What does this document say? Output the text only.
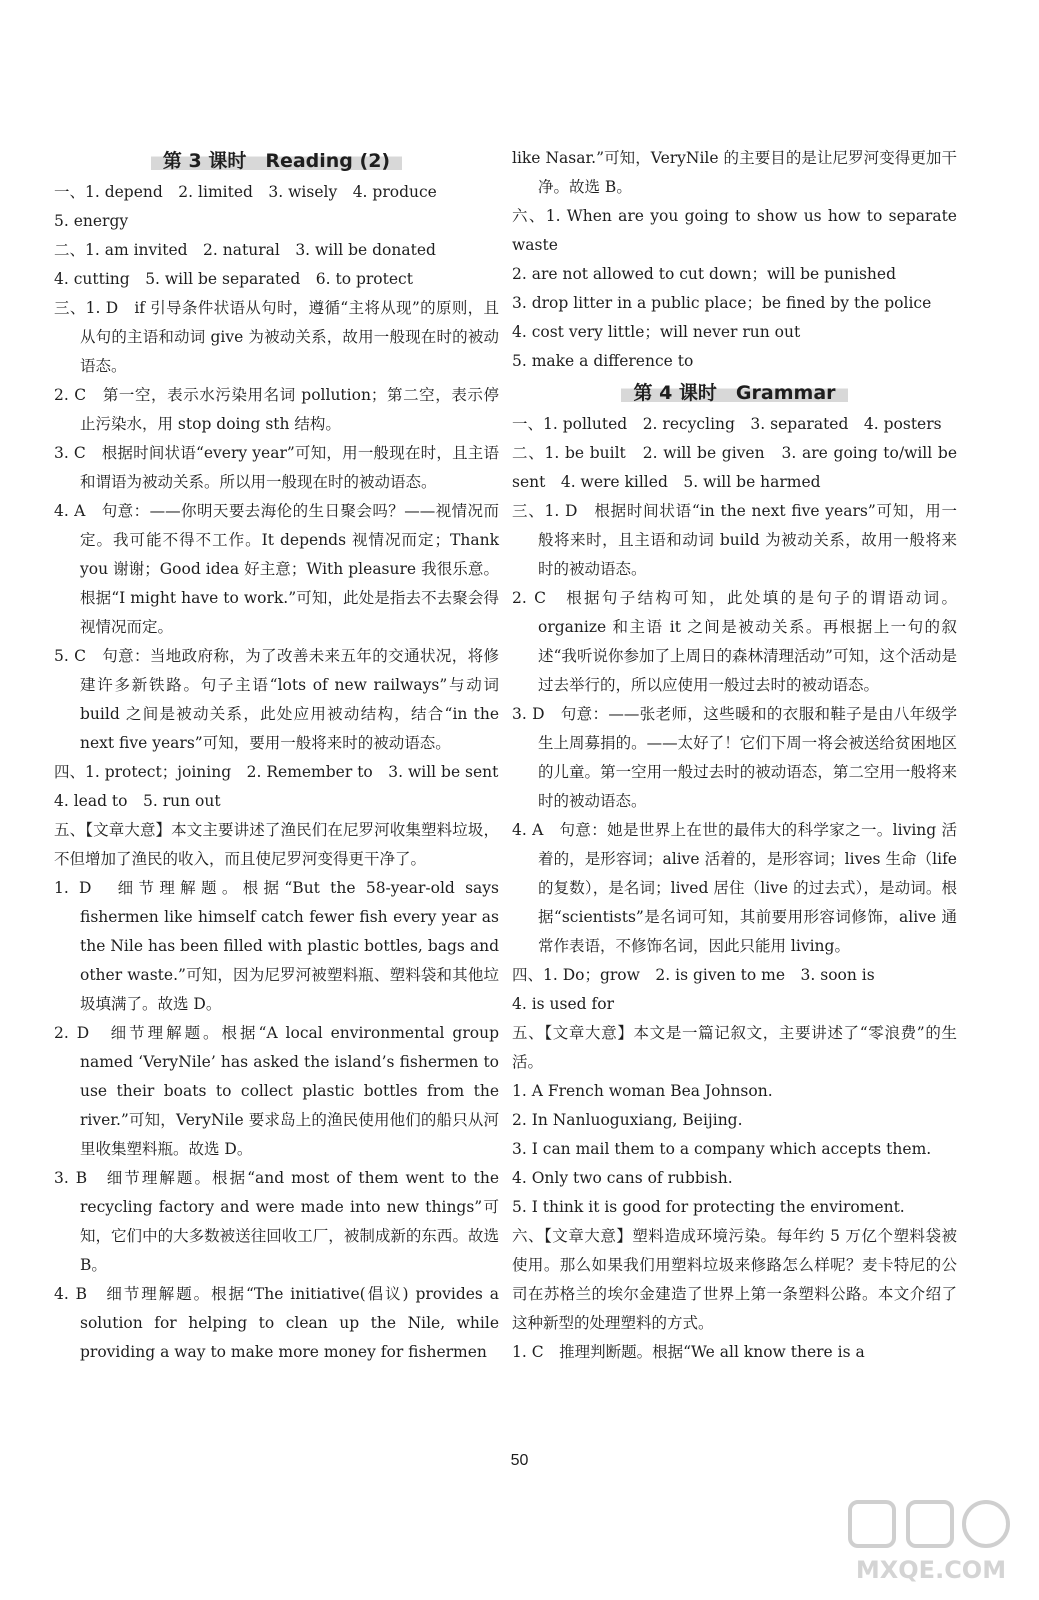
第 3 课时　Reading (2)

一、1. depend　2. limited　3. wisely　4. produce

5. energy

二、1. am invited　2. natural　3. will be donated

4. cutting　5. will be separated　6. to protect

三、1. D　if 引导条件状语从句时，遵循“主将从现”的原则，且从句的主语和动词 give 为被动关系，故用一般现在时的被动语态。

2. C　第一空，表示水污染用名词 pollution；第二空，表示停止污染水，用 stop doing sth 结构。

3. C　根据时间状语“every year”可知，用一般现在时，且主语和谓语为被动关系。所以用一般现在时的被动语态。

4. A　句意：——你明天要去海伦的生日聚会吗？——视情况而定。我可能不得不工作。It depends 视情况而定；Thank you 谢谢；Good idea 好主意；With pleasure 我很乐意。根据“I might have to work.”可知，此处是指去不去聚会得视情况而定。

5. C　句意：当地政府称，为了改善未来五年的交通状况，将修建许多新铁路。句子主语“lots of new railways”与动词 build 之间是被动关系，此处应用被动结构，结合“in the next five years”可知，要用一般将来时的被动语态。

四、1. protect；joining　2. Remember to　3. will be sent

4. lead to　5. run out

五、【文章大意】本文主要讲述了渔民们在尼罗河收集塑料垃圾，不但增加了渔民的收入，而且使尼罗河变得更干净了。

1. D　细节理解题。根据“But the 58-year-old says fishermen like himself catch fewer fish every year as the Nile has been filled with plastic bottles, bags and other waste.”可知，因为尼罗河被塑料瓶、塑料袋和其他垃圾填满了。故选 D。

2. D　细节理解题。根据“A local environmental group named ‘VeryNile’ has asked the island’s fishermen to use their boats to collect plastic bottles from the river.”可知，VeryNile 要求岛上的渔民使用他们的船只从河里收集塑料瓶。故选 D。

3. B　细节理解题。根据“and most of them went to the recycling factory and were made into new things”可知，它们中的大多数被送往回收工厂，被制成新的东西。故选 B。

4. B　细节理解题。根据“The initiative(倡议) provides a solution for helping to clean up the Nile, while providing a way to make more money for fishermen

like Nasar.”可知，VeryNile 的主要目的是让尼罗河变得更加干净。故选 B。

六、1. When are you going to show us how to separate waste

2. are not allowed to cut down；will be punished

3. drop litter in a public place；be fined by the police

4. cost very little；will never run out

5. make a difference to

第 4 课时　Grammar

一、1. polluted　2. recycling　3. separated　4. posters

二、1. be built　2. will be given　3. are going to/will be sent　4. were killed　5. will be harmed

三、1. D　根据时间状语“in the next five years”可知，用一般将来时，且主语和动词 build 为被动关系，故用一般将来时的被动语态。

2. C　根据句子结构可知，此处填的是句子的谓语动词。organize 和主语 it 之间是被动关系。再根据上一句的叙述“我听说你参加了上周日的森林清理活动”可知，这个活动是过去举行的，所以应使用一般过去时的被动语态。

3. D　句意：——张老师，这些暖和的衣服和鞋子是由八年级学生上周募捐的。——太好了！它们下周一将会被送给贫困地区的儿童。第一空用一般过去时的被动语态，第二空用一般将来时的被动语态。

4. A　句意：她是世界上在世的最伟大的科学家之一。living 活着的，是形容词；alive 活着的，是形容词；lives 生命（life 的复数），是名词；lived 居住（live 的过去式），是动词。根据“scientists”是名词可知，其前要用形容词修饰，alive 通常作表语，不修饰名词，因此只能用 living。

四、1. Do；grow　2. is given to me　3. soon is

4. is used for

五、【文章大意】本文是一篇记叙文，主要讲述了“零浪费”的生活。

1. A French woman Bea Johnson.

2. In Nanluoguxiang, Beijing.

3. I can mail them to a company which accepts them.

4. Only two cans of rubbish.

5. I think it is good for protecting the enviroment.

六、【文章大意】塑料造成环境污染。每年约 5 万亿个塑料袋被使用。那么如果我们用塑料垃圾来修路怎么样呢？麦卡特尼的公司在苏格兰的埃尔金建造了世界上第一条塑料公路。本文介绍了这种新型的处理塑料的方式。

1. C　推理判断题。根据“We all know there is a

50
MXQE.COM
